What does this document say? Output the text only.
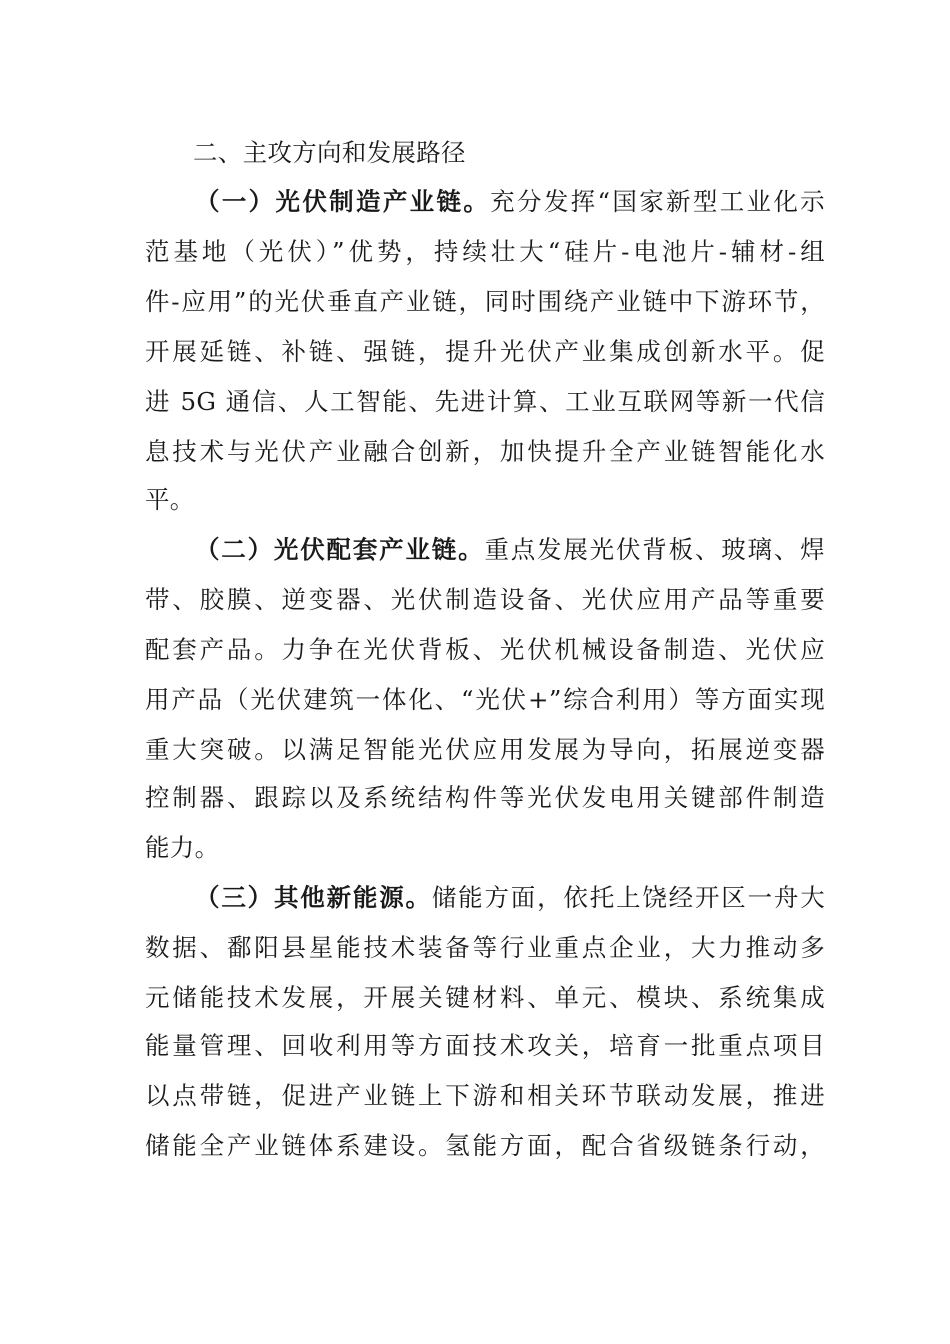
二、主攻方向和发展路径
（一）光伏制造产业链。充分发挥“国家新型工业化示
范基地（光伏）”优势，持续壮大“硅片-电池片-辅材-组
件-应用”的光伏垂直产业链，同时围绕产业链中下游环节，
开展延链、补链、强链，提升光伏产业集成创新水平。促
进 5G 通信、人工智能、先进计算、工业互联网等新一代信
息技术与光伏产业融合创新，加快提升全产业链智能化水
平。
（二）光伏配套产业链。重点发展光伏背板、玻璃、焊
带、胶膜、逆变器、光伏制造设备、光伏应用产品等重要
配套产品。力争在光伏背板、光伏机械设备制造、光伏应
用产品（光伏建筑一体化、“光伏+”综合利用）等方面实现
重大突破。以满足智能光伏应用发展为导向，拓展逆变器
控制器、跟踪以及系统结构件等光伏发电用关键部件制造
能力。
（三）其他新能源。储能方面，依托上饶经开区一舟大
数据、鄱阳县星能技术装备等行业重点企业，大力推动多
元储能技术发展，开展关键材料、单元、模块、系统集成
能量管理、回收利用等方面技术攻关，培育一批重点项目
以点带链，促进产业链上下游和相关环节联动发展，推进
储能全产业链体系建设。氢能方面，配合省级链条行动，
